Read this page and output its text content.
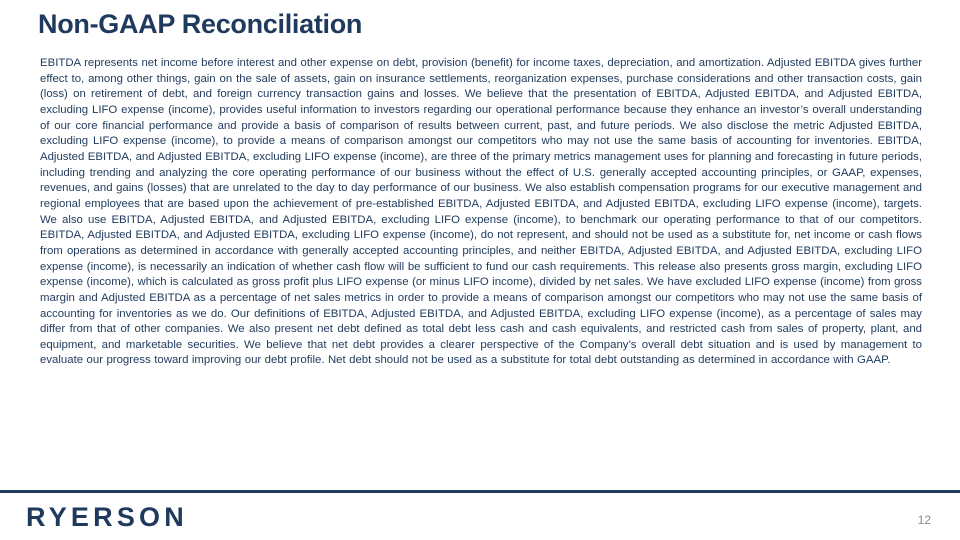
Non-GAAP Reconciliation
EBITDA represents net income before interest and other expense on debt, provision (benefit) for income taxes, depreciation, and amortization. Adjusted EBITDA gives further effect to, among other things, gain on the sale of assets, gain on insurance settlements, reorganization expenses, purchase considerations and other transaction costs, gain (loss) on retirement of debt, and foreign currency transaction gains and losses. We believe that the presentation of EBITDA, Adjusted EBITDA, and Adjusted EBITDA, excluding LIFO expense (income), provides useful information to investors regarding our operational performance because they enhance an investor’s overall understanding of our core financial performance and provide a basis of comparison of results between current, past, and future periods. We also disclose the metric Adjusted EBITDA, excluding LIFO expense (income), to provide a means of comparison amongst our competitors who may not use the same basis of accounting for inventories. EBITDA, Adjusted EBITDA, and Adjusted EBITDA, excluding LIFO expense (income), are three of the primary metrics management uses for planning and forecasting in future periods, including trending and analyzing the core operating performance of our business without the effect of U.S. generally accepted accounting principles, or GAAP, expenses, revenues, and gains (losses) that are unrelated to the day to day performance of our business. We also establish compensation programs for our executive management and regional employees that are based upon the achievement of pre-established EBITDA, Adjusted EBITDA, and Adjusted EBITDA, excluding LIFO expense (income), targets. We also use EBITDA, Adjusted EBITDA, and Adjusted EBITDA, excluding LIFO expense (income), to benchmark our operating performance to that of our competitors. EBITDA, Adjusted EBITDA, and Adjusted EBITDA, excluding LIFO expense (income), do not represent, and should not be used as a substitute for, net income or cash flows from operations as determined in accordance with generally accepted accounting principles, and neither EBITDA, Adjusted EBITDA, and Adjusted EBITDA, excluding LIFO expense (income), is necessarily an indication of whether cash flow will be sufficient to fund our cash requirements. This release also presents gross margin, excluding LIFO expense (income), which is calculated as gross profit plus LIFO expense (or minus LIFO income), divided by net sales. We have excluded LIFO expense (income) from gross margin and Adjusted EBITDA as a percentage of net sales metrics in order to provide a means of comparison amongst our competitors who may not use the same basis of accounting for inventories as we do. Our definitions of EBITDA, Adjusted EBITDA, and Adjusted EBITDA, excluding LIFO expense (income), as a percentage of sales may differ from that of other companies. We also present net debt defined as total debt less cash and cash equivalents, and restricted cash from sales of property, plant, and equipment, and marketable securities. We believe that net debt provides a clearer perspective of the Company’s overall debt situation and is used by management to evaluate our progress toward improving our debt profile. Net debt should not be used as a substitute for total debt outstanding as determined in accordance with GAAP.
RYERSON	12
